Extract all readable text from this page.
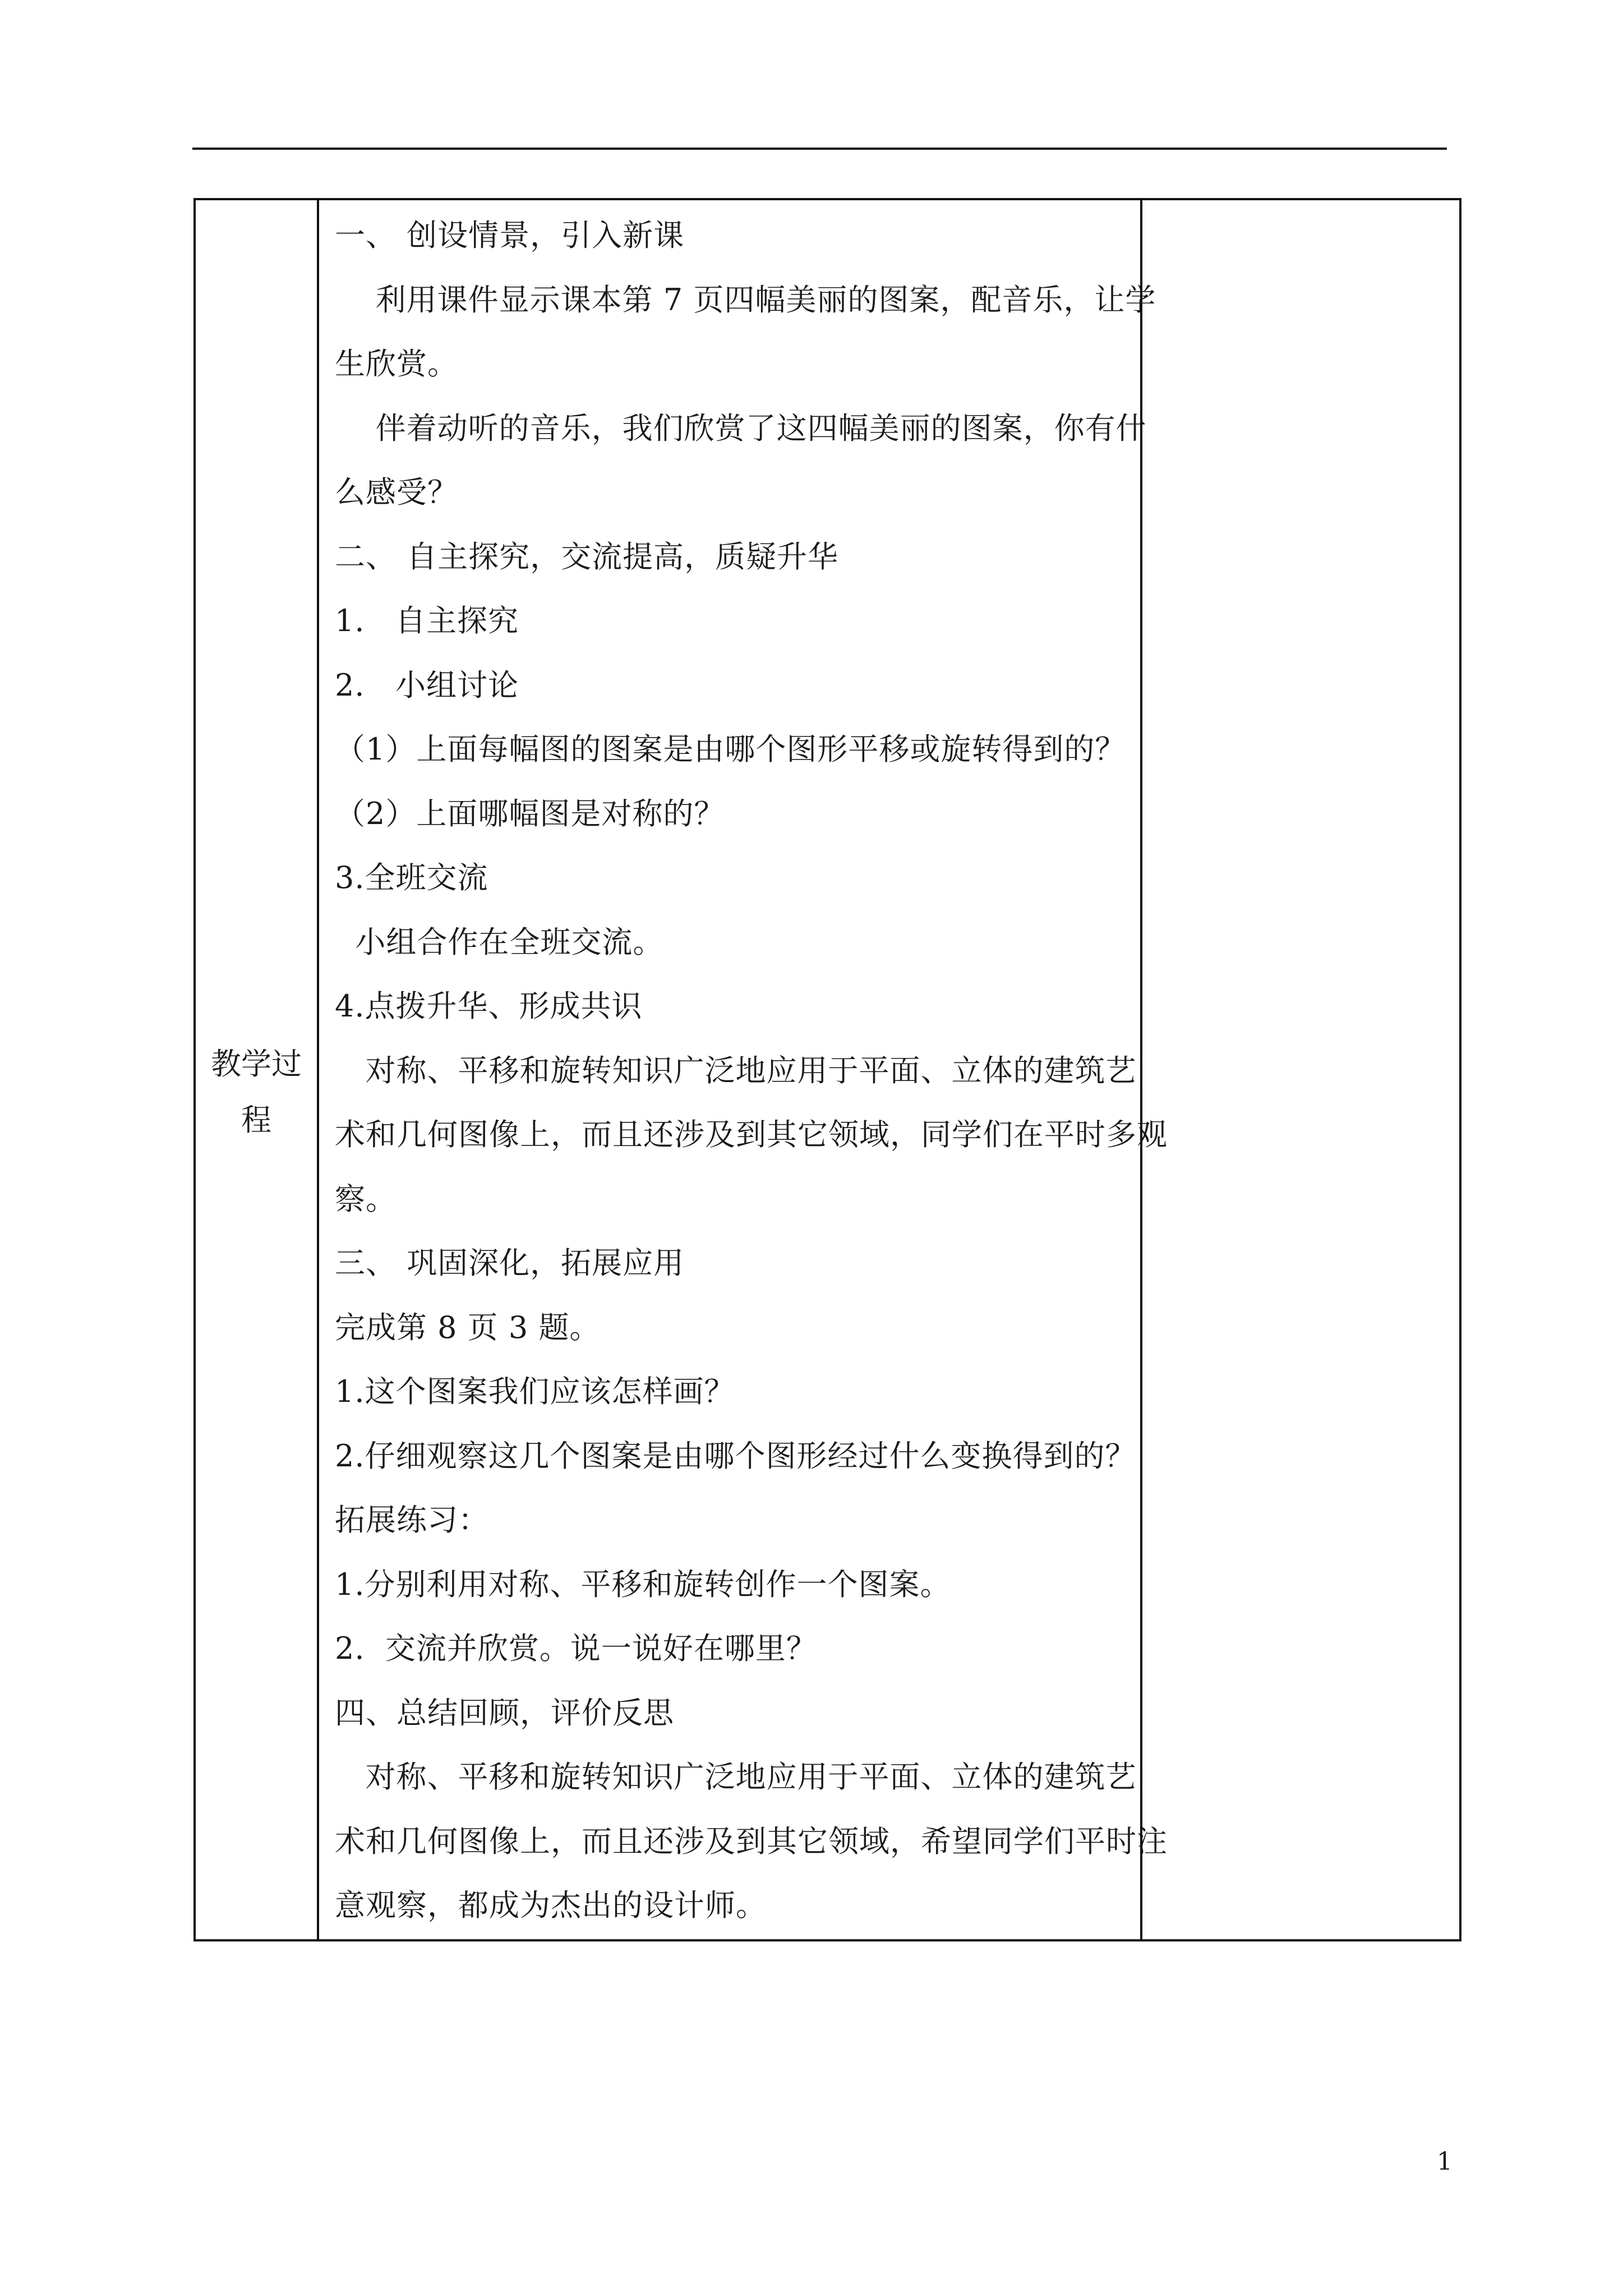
教学过
程
一、 创设情景，引入新课
利用课件显示课本第 7 页四幅美丽的图案，配音乐，让学
生欣赏。
伴着动听的音乐，我们欣赏了这四幅美丽的图案，你有什
么感受？
二、 自主探究，交流提高，质疑升华
1.   自主探究
2.   小组讨论
（1）上面每幅图的图案是由哪个图形平移或旋转得到的？
（2）上面哪幅图是对称的？
3.全班交流
小组合作在全班交流。
4.点拨升华、形成共识
对称、平移和旋转知识广泛地应用于平面、立体的建筑艺
术和几何图像上，而且还涉及到其它领域，同学们在平时多观
察。
三、 巩固深化，拓展应用
完成第 8 页 3 题。
1.这个图案我们应该怎样画？
2.仔细观察这几个图案是由哪个图形经过什么变换得到的？
拓展练习：
1.分别利用对称、平移和旋转创作一个图案。
2.  交流并欣赏。说一说好在哪里？
四、总结回顾，评价反思
对称、平移和旋转知识广泛地应用于平面、立体的建筑艺
术和几何图像上，而且还涉及到其它领域，希望同学们平时注
意观察，都成为杰出的设计师。
1
